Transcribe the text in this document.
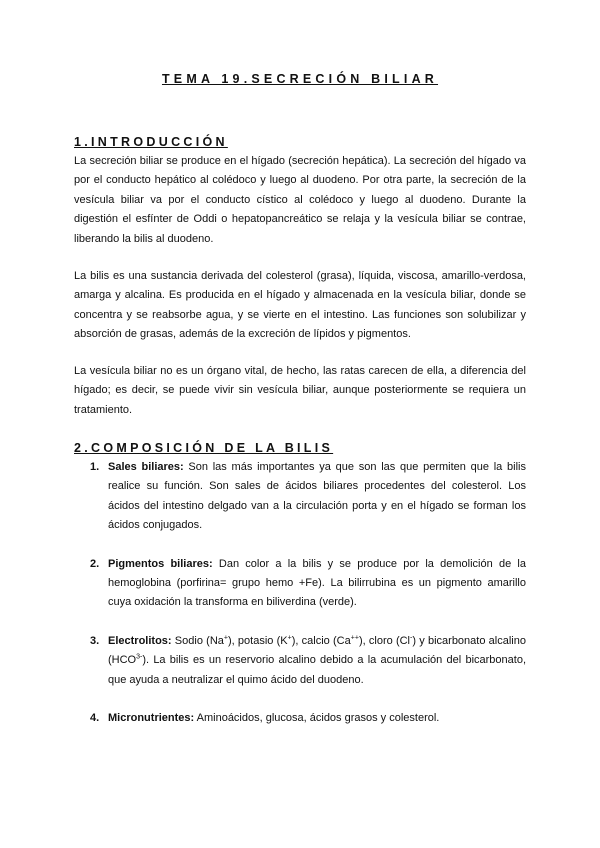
TEMA 19.SECRECIÓN BILIAR
1.INTRODUCCIÓN

La secreción biliar se produce en el hígado (secreción hepática). La secreción del hígado va por el conducto hepático al colédoco y luego al duodeno. Por otra parte, la secreción de la vesícula biliar va por el conducto cístico al colédoco y luego al duodeno. Durante la digestión el esfínter de Oddi o hepatopancreático se relaja y la vesícula biliar se contrae, liberando la bilis al duodeno.

La bilis es una sustancia derivada del colesterol (grasa), líquida, viscosa, amarillo-verdosa, amarga y alcalina. Es producida en el hígado y almacenada en la vesícula biliar, donde se concentra y se reabsorbe agua, y se vierte en el intestino. Las funciones son solubilizar y absorción de grasas, además de la excreción de lípidos y pigmentos.

La vesícula biliar no es un órgano vital, de hecho, las ratas carecen de ella, a diferencia del hígado; es decir, se puede vivir sin vesícula biliar, aunque posteriormente se requiera un tratamiento.

2.COMPOSICIÓN DE LA BILIS
1. Sales biliares: Son las más importantes ya que son las que permiten que la bilis realice su función. Son sales de ácidos biliares procedentes del colesterol. Los ácidos del intestino delgado van a la circulación porta y en el hígado se forman los ácidos conjugados.
2. Pigmentos biliares: Dan color a la bilis y se produce por la demolición de la hemoglobina (porfirina= grupo hemo +Fe). La bilirrubina es un pigmento amarillo cuya oxidación la transforma en biliverdina (verde).
3. Electrolitos: Sodio (Na+), potasio (K+), calcio (Ca++), cloro (Cl-) y bicarbonato alcalino $(HCO^{3-})$. La bilis es un reservorio alcalino debido a la acumulación del bicarbonato, que ayuda a neutralizar el quimo ácido del duodeno.
4. Micronutrientes: Aminoácidos, glucosa, ácidos grasos y colesterol.
